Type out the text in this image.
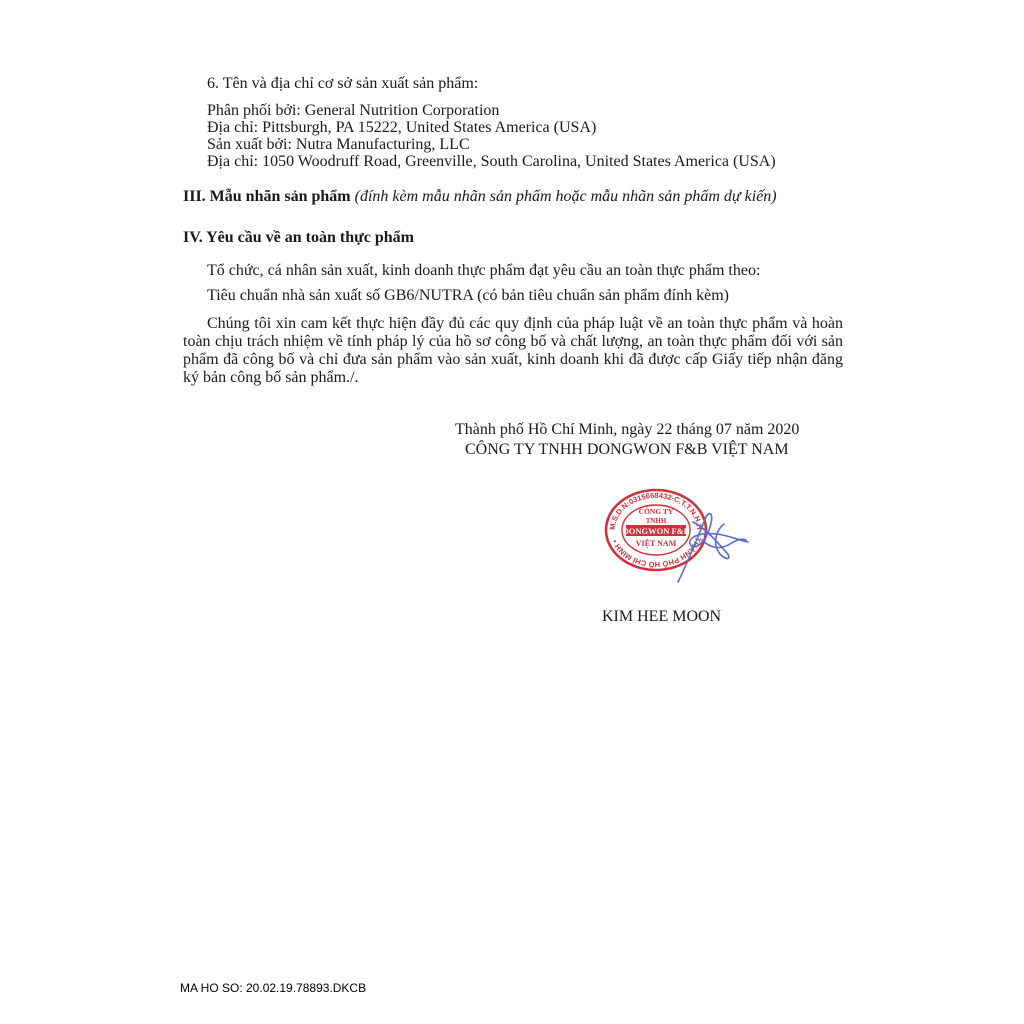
6. Tên và địa chỉ cơ sở sản xuất sản phẩm:
Phân phối bởi: General Nutrition Corporation
Địa chỉ: Pittsburgh, PA 15222, United States America (USA)
Sản xuất bởi: Nutra Manufacturing, LLC
Địa chỉ: 1050 Woodruff Road, Greenville, South Carolina, United States America (USA)
III. Mẫu nhãn sản phẩm (đính kèm mẫu nhãn sản phẩm hoặc mẫu nhãn sản phẩm dự kiến)
IV. Yêu cầu về an toàn thực phẩm
Tổ chức, cá nhân sản xuất, kinh doanh thực phẩm đạt yêu cầu an toàn thực phẩm theo:
Tiêu chuẩn nhà sản xuất số GB6/NUTRA (có bản tiêu chuẩn sản phẩm đính kèm)
Chúng tôi xin cam kết thực hiện đầy đủ các quy định của pháp luật về an toàn thực phẩm và hoàn toàn chịu trách nhiệm về tính pháp lý của hồ sơ công bố và chất lượng, an toàn thực phẩm đối với sản phẩm đã công bố và chỉ đưa sản phẩm vào sản xuất, kinh doanh khi đã được cấp Giấy tiếp nhận đăng ký bản công bố sản phẩm./.
Thành phố Hồ Chí Minh, ngày 22 tháng 07 năm 2020
CÔNG TY TNHH DONGWON F&B VIỆT NAM
M.S.D.N:0315668432-C.T.T.N.H.H • THÀNH PHỐ HỒ CHÍ MINH •
CÔNG TY
TNHH
DONGWON F&B
VIỆT NAM
KIM HEE MOON
MA HO SO: 20.02.19.78893.DKCB
